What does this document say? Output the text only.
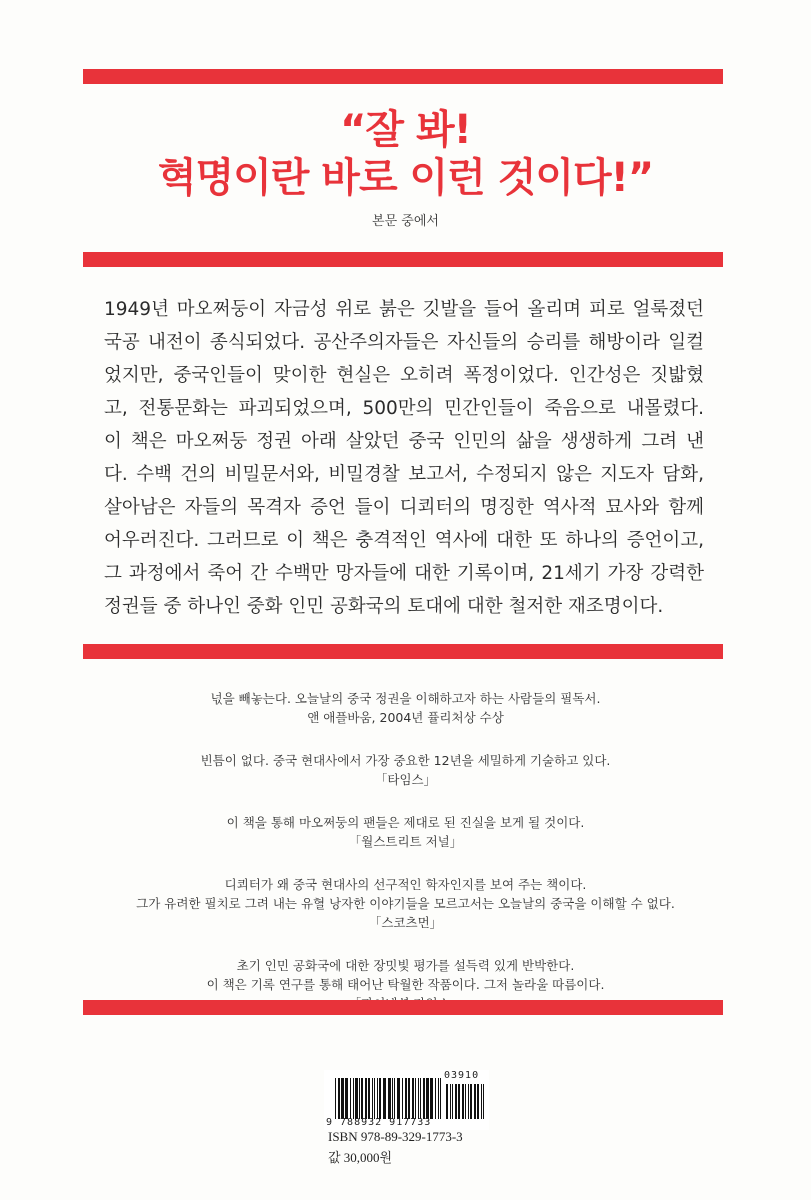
“잘 봐!
혁명이란 바로 이런 것이다!”
본문 중에서
1949년 마오쩌둥이 자금성 위로 붉은 깃발을 들어 올리며 피로 얼룩졌던
국공 내전이 종식되었다. 공산주의자들은 자신들의 승리를 해방이라 일컬
었지만, 중국인들이 맞이한 현실은 오히려 폭정이었다. 인간성은 짓밟혔
고, 전통문화는 파괴되었으며, 500만의 민간인들이 죽음으로 내몰렸다.
이 책은 마오쩌둥 정권 아래 살았던 중국 인민의 삶을 생생하게 그려 낸
다. 수백 건의 비밀문서와, 비밀경찰 보고서, 수정되지 않은 지도자 담화,
살아남은 자들의 목격자 증언 들이 디쾨터의 명징한 역사적 묘사와 함께
어우러진다. 그러므로 이 책은 충격적인 역사에 대한 또 하나의 증언이고,
그 과정에서 죽어 간 수백만 망자들에 대한 기록이며, 21세기 가장 강력한
정권들 중 하나인 중화 인민 공화국의 토대에 대한 철저한 재조명이다.
넋을 빼놓는다. 오늘날의 중국 정권을 이해하고자 하는 사람들의 필독서.
앤 애플바움, 2004년 퓰리처상 수상
빈틈이 없다. 중국 현대사에서 가장 중요한 12년을 세밀하게 기술하고 있다.
「타임스」
이 책을 통해 마오쩌둥의 팬들은 제대로 된 진실을 보게 될 것이다.
「월스트리트 저널」
디쾨터가 왜 중국 현대사의 선구적인 학자인지를 보여 주는 책이다.
그가 유려한 필치로 그려 내는 유혈 낭자한 이야기들을 모르고서는 오늘날의 중국을 이해할 수 없다.
「스코츠먼」
초기 인민 공화국에 대한 장밋빛 평가를 설득력 있게 반박한다.
이 책은 기록 연구를 통해 태어난 탁월한 작품이다. 그저 놀라울 따름이다.
03910
9 788932 917733
ISBN 978-89-329-1773-3
값 30,000원
